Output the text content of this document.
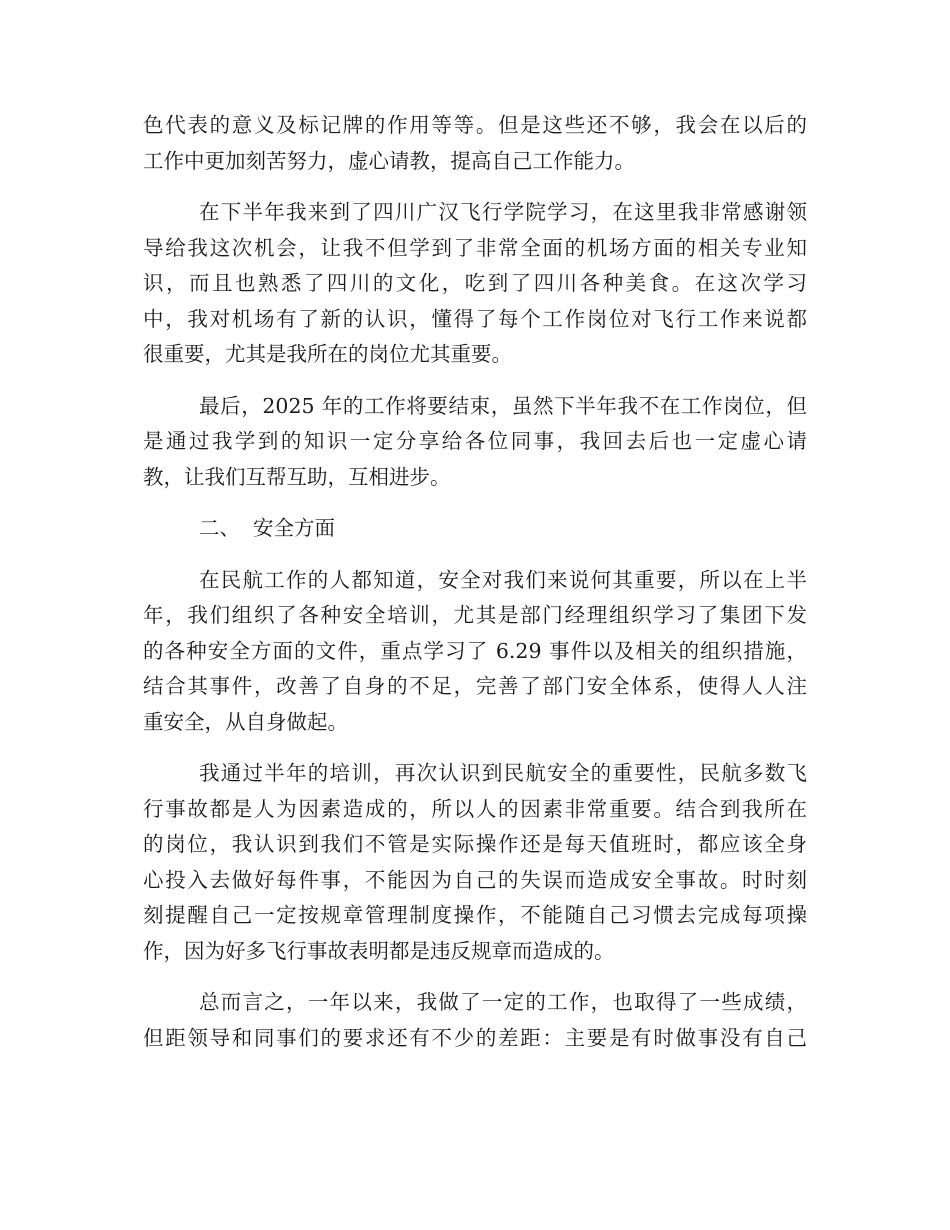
色代表的意义及标记牌的作用等等。但是这些还不够，我会在以后的
工作中更加刻苦努力，虚心请教，提高自己工作能力。
在下半年我来到了四川广汉飞行学院学习，在这里我非常感谢领
导给我这次机会，让我不但学到了非常全面的机场方面的相关专业知
识，而且也熟悉了四川的文化，吃到了四川各种美食。在这次学习
中，我对机场有了新的认识，懂得了每个工作岗位对飞行工作来说都
很重要，尤其是我所在的岗位尤其重要。
最后，2025 年的工作将要结束，虽然下半年我不在工作岗位，但
是通过我学到的知识一定分享给各位同事，我回去后也一定虚心请
教，让我们互帮互助，互相进步。
二、  安全方面
在民航工作的人都知道，安全对我们来说何其重要，所以在上半
年，我们组织了各种安全培训，尤其是部门经理组织学习了集团下发
的各种安全方面的文件，重点学习了 6.29 事件以及相关的组织措施，
结合其事件，改善了自身的不足，完善了部门安全体系，使得人人注
重安全，从自身做起。
我通过半年的培训，再次认识到民航安全的重要性，民航多数飞
行事故都是人为因素造成的，所以人的因素非常重要。结合到我所在
的岗位，我认识到我们不管是实际操作还是每天值班时，都应该全身
心投入去做好每件事，不能因为自己的失误而造成安全事故。时时刻
刻提醒自己一定按规章管理制度操作，不能随自己习惯去完成每项操
作，因为好多飞行事故表明都是违反规章而造成的。
总而言之，一年以来，我做了一定的工作，也取得了一些成绩，
但距领导和同事们的要求还有不少的差距：主要是有时做事没有自己
